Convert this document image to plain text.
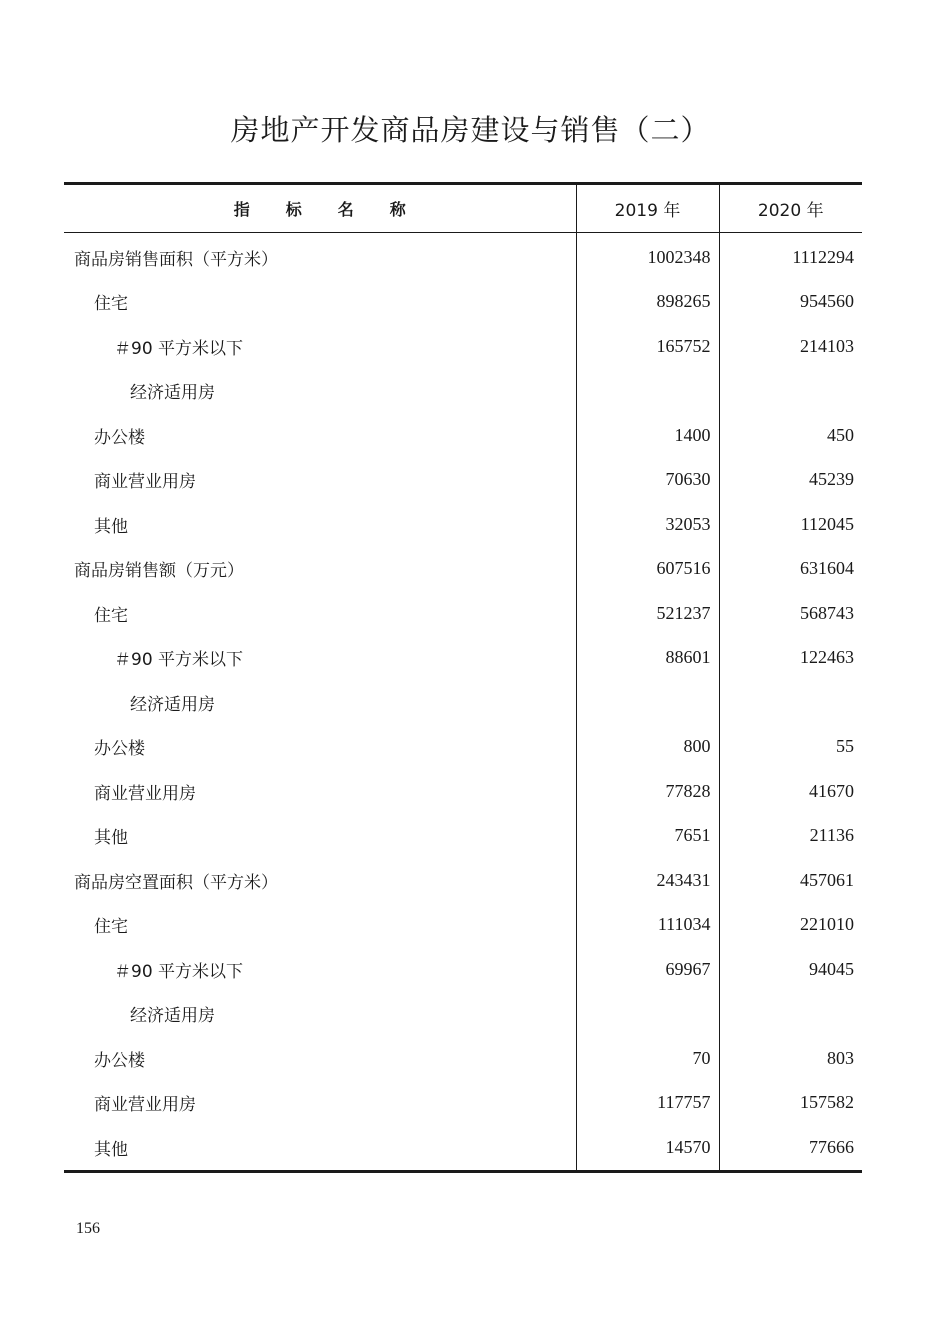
房地产开发商品房建设与销售（二）
指标名称	2019 年	2020 年
商品房销售面积（平方米）	1002348	1112294
住宅	898265	954560
＃90 平方米以下	165752	214103
经济适用房		
办公楼	1400	450
商业营业用房	70630	45239
其他	32053	112045
商品房销售额（万元）	607516	631604
住宅	521237	568743
＃90 平方米以下	88601	122463
经济适用房		
办公楼	800	55
商业营业用房	77828	41670
其他	7651	21136
商品房空置面积（平方米）	243431	457061
住宅	111034	221010
＃90 平方米以下	69967	94045
经济适用房		
办公楼	70	803
商业营业用房	117757	157582
其他	14570	77666
156
